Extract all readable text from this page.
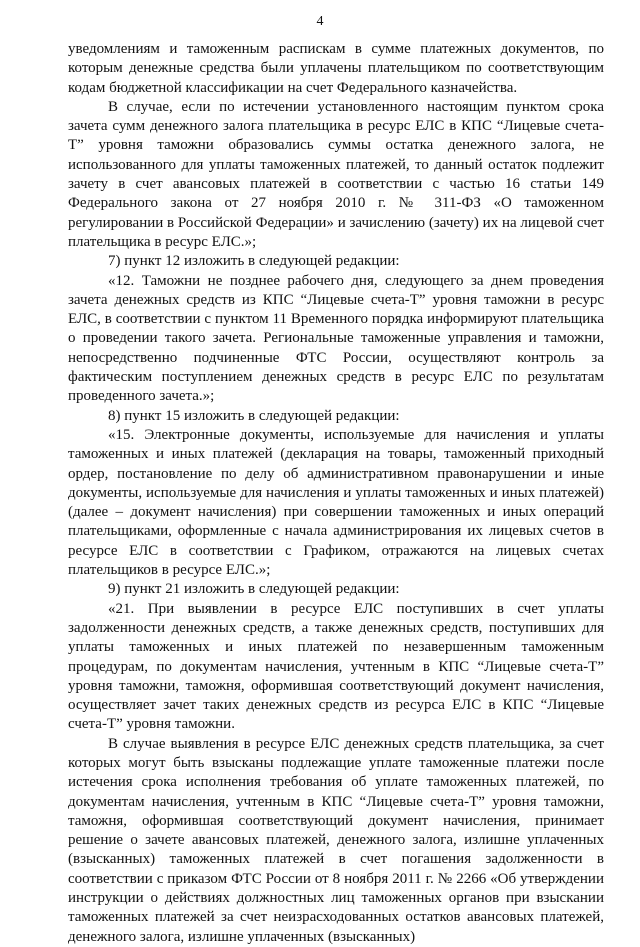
4

уведомлениям и таможенным распискам в сумме платежных документов, по которым денежные средства были уплачены плательщиком по соответствующим кодам бюджетной классификации на счет Федерального казначейства.

В случае, если по истечении установленного настоящим пунктом срока зачета сумм денежного залога плательщика в ресурс ЕЛС в КПС “Лицевые счета-Т” уровня таможни образовались суммы остатка денежного залога, не использованного для уплаты таможенных платежей, то данный остаток подлежит зачету в счет авансовых платежей в соответствии с частью 16 статьи 149 Федерального закона от 27 ноября 2010 г. № 311-ФЗ «О таможенном регулировании в Российской Федерации» и зачислению (зачету) их на лицевой счет плательщика в ресурс ЕЛС.»;

7) пункт 12 изложить в следующей редакции:

«12. Таможни не позднее рабочего дня, следующего за днем проведения зачета денежных средств из КПС “Лицевые счета-Т” уровня таможни в ресурс ЕЛС, в соответствии с пунктом 11 Временного порядка информируют плательщика о проведении такого зачета. Региональные таможенные управления и таможни, непосредственно подчиненные ФТС России, осуществляют контроль за фактическим поступлением денежных средств в ресурс ЕЛС по результатам проведенного зачета.»;

8) пункт 15 изложить в следующей редакции:

«15. Электронные документы, используемые для начисления и уплаты таможенных и иных платежей (декларация на товары, таможенный приходный ордер, постановление по делу об административном правонарушении и иные документы, используемые для начисления и уплаты таможенных и иных платежей) (далее – документ начисления) при совершении таможенных и иных операций плательщиками, оформленные с начала администрирования их лицевых счетов в ресурсе ЕЛС в соответствии с Графиком, отражаются на лицевых счетах плательщиков в ресурсе ЕЛС.»;

9) пункт 21 изложить в следующей редакции:

«21. При выявлении в ресурсе ЕЛС поступивших в счет уплаты задолженности денежных средств, а также денежных средств, поступивших для уплаты таможенных и иных платежей по незавершенным таможенным процедурам, по документам начисления, учтенным в КПС “Лицевые счета-Т” уровня таможни, таможня, оформившая соответствующий документ начисления, осуществляет зачет таких денежных средств из ресурса ЕЛС в КПС “Лицевые счета-Т” уровня таможни.

В случае выявления в ресурсе ЕЛС денежных средств плательщика, за счет которых могут быть взысканы подлежащие уплате таможенные платежи после истечения срока исполнения требования об уплате таможенных платежей, по документам начисления, учтенным в КПС “Лицевые счета-Т” уровня таможни, таможня, оформившая соответствующий документ начисления, принимает решение о зачете авансовых платежей, денежного залога, излишне уплаченных (взысканных) таможенных платежей в счет погашения задолженности в соответствии с приказом ФТС России от 8 ноября 2011 г. № 2266 «Об утверждении инструкции о действиях должностных лиц таможенных органов при взыскании таможенных платежей за счет неизрасходованных остатков авансовых платежей, денежного залога, излишне уплаченных (взысканных)
